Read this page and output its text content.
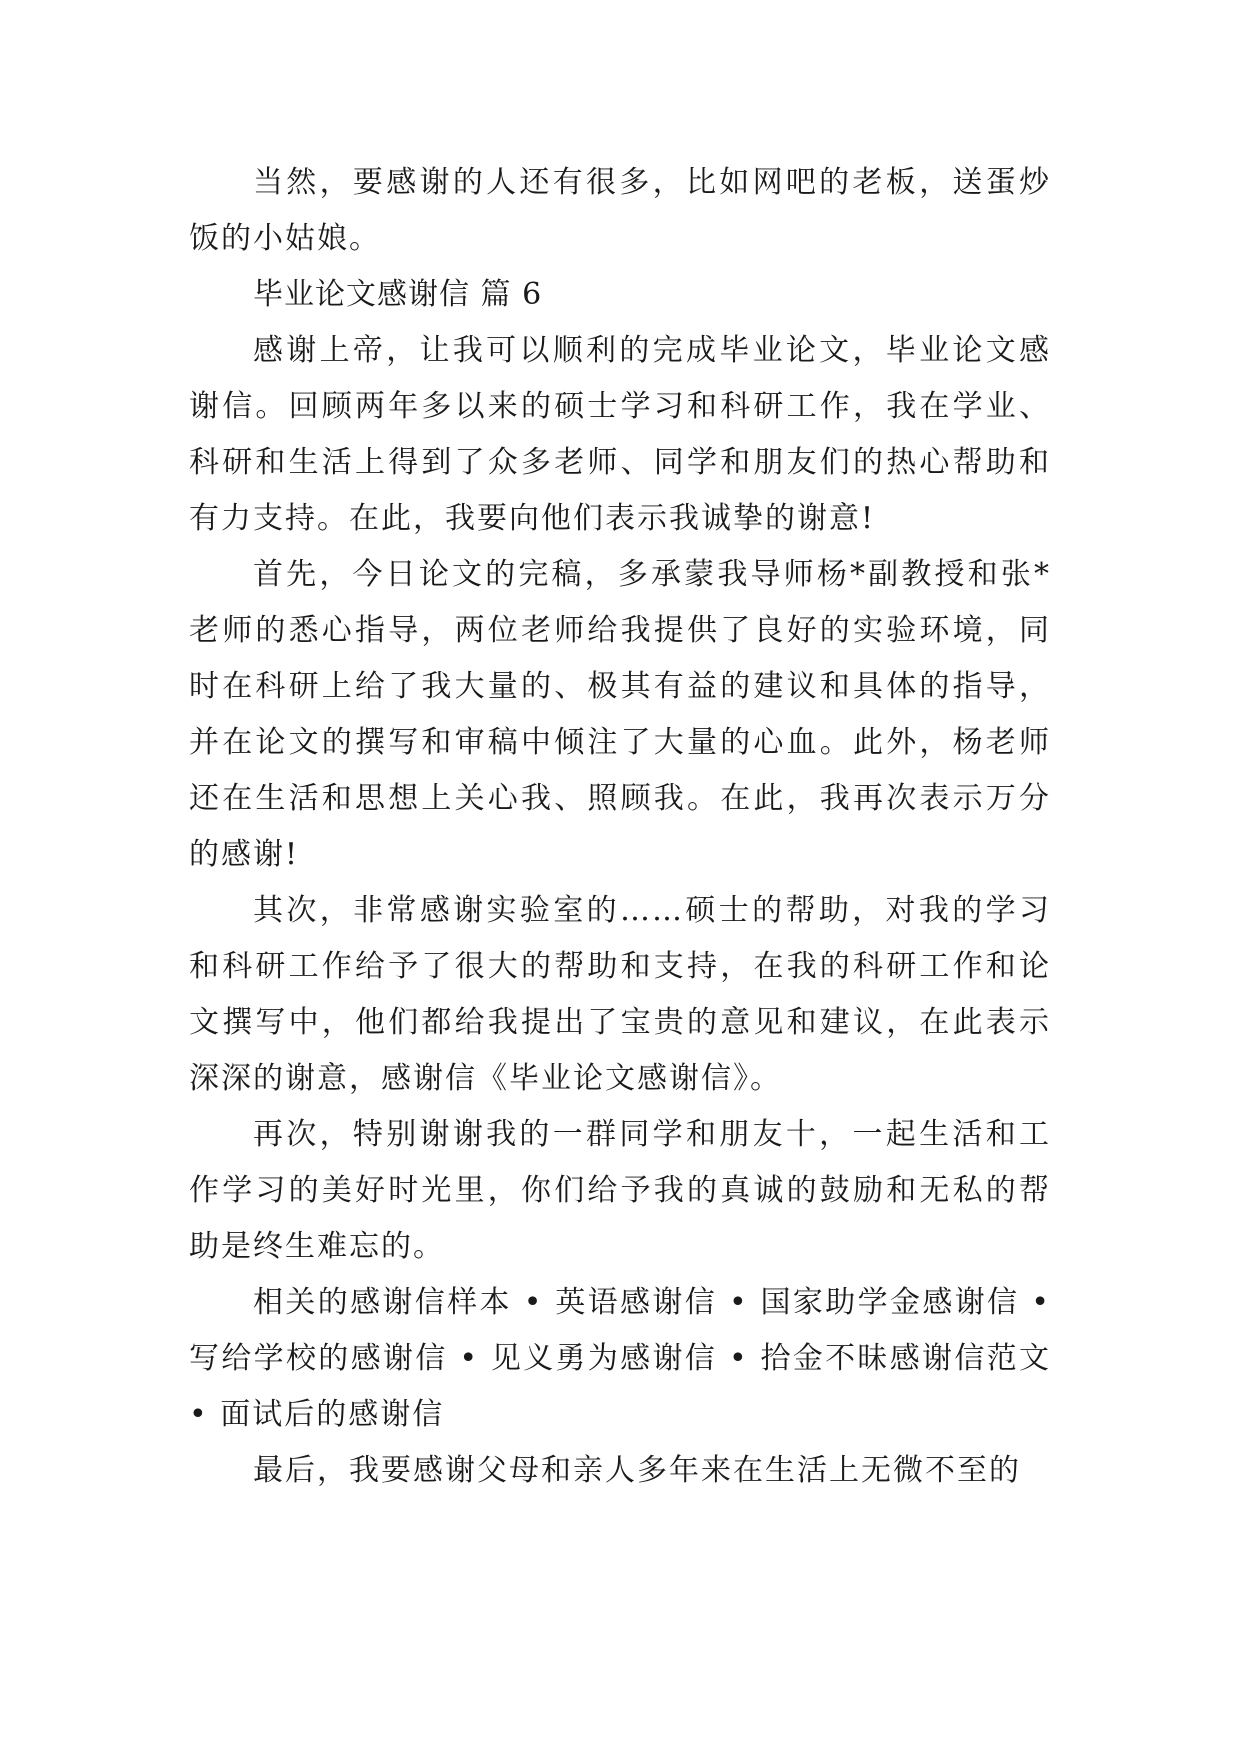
当然，要感谢的人还有很多，比如网吧的老板，送蛋炒饭的小姑娘。

毕业论文感谢信 篇 6

感谢上帝，让我可以顺利的完成毕业论文，毕业论文感谢信。回顾两年多以来的硕士学习和科研工作，我在学业、科研和生活上得到了众多老师、同学和朋友们的热心帮助和有力支持。在此，我要向他们表示我诚挚的谢意!

首先，今日论文的完稿，多承蒙我导师杨*副教授和张*老师的悉心指导，两位老师给我提供了良好的实验环境，同时在科研上给了我大量的、极其有益的建议和具体的指导，并在论文的撰写和审稿中倾注了大量的心血。此外，杨老师还在生活和思想上关心我、照顾我。在此，我再次表示万分的感谢!

其次，非常感谢实验室的……硕士的帮助，对我的学习和科研工作给予了很大的帮助和支持，在我的科研工作和论文撰写中，他们都给我提出了宝贵的意见和建议，在此表示深深的谢意，感谢信《毕业论文感谢信》。

再次，特别谢谢我的一群同学和朋友十，一起生活和工作学习的美好时光里，你们给予我的真诚的鼓励和无私的帮助是终生难忘的。

相关的感谢信样本 • 英语感谢信 • 国家助学金感谢信 • 写给学校的感谢信 • 见义勇为感谢信 • 拾金不昧感谢信范文 • 面试后的感谢信

最后，我要感谢父母和亲人多年来在生活上无微不至的
